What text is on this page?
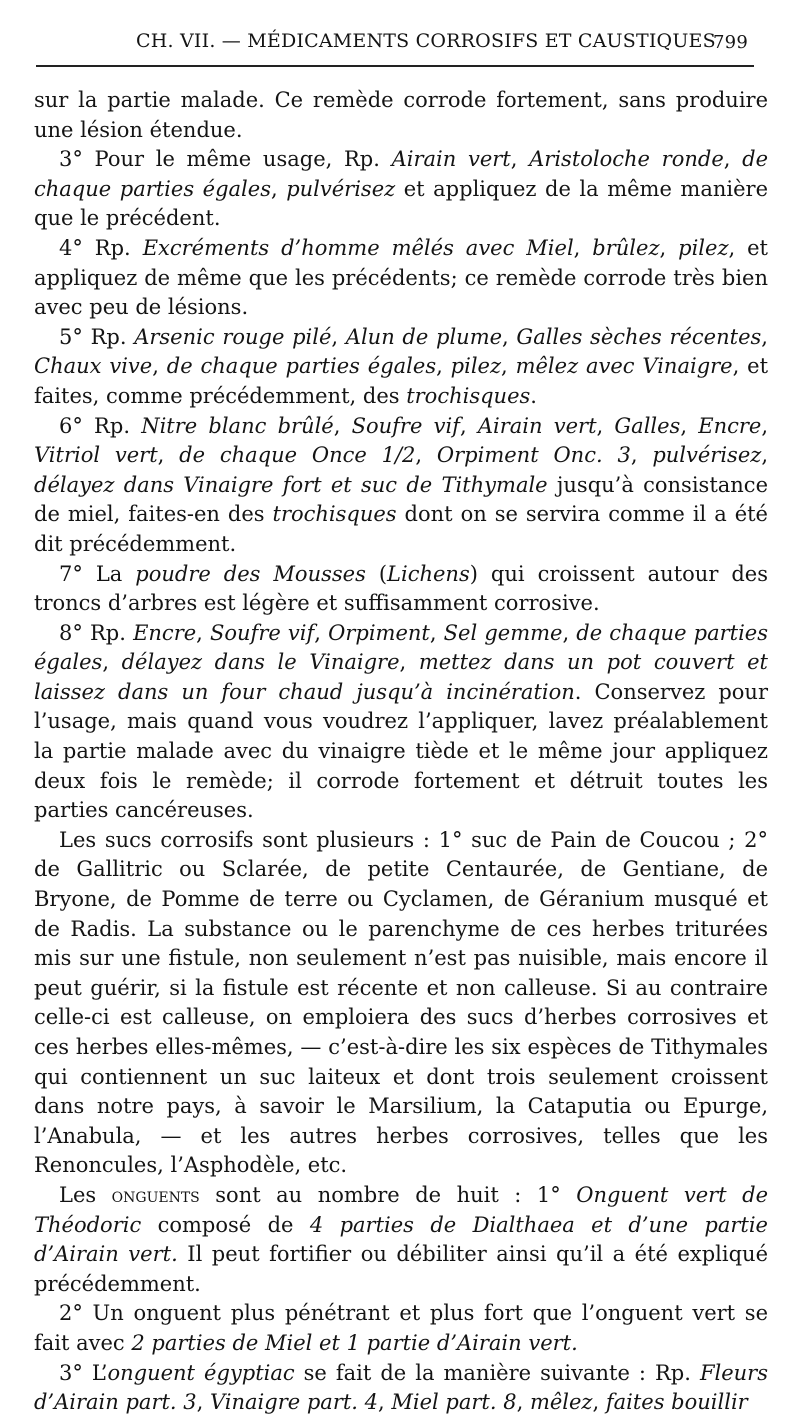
CH. VII. — MÉDICAMENTS CORROSIFS ET CAUSTIQUES
799

sur la partie malade. Ce remède corrode fortement, sans produire une lésion étendue.

3° Pour le même usage, Rp. Airain vert, Aristoloche ronde, de chaque parties égales, pulvérisez et appliquez de la même manière que le précédent.

4° Rp. Excréments d’homme mêlés avec Miel, brûlez, pilez, et appliquez de même que les précédents; ce remède corrode très bien avec peu de lésions.

5° Rp. Arsenic rouge pilé, Alun de plume, Galles sèches récentes, Chaux vive, de chaque parties égales, pilez, mêlez avec Vinaigre, et faites, comme précédemment, des trochisques.

6° Rp. Nitre blanc brûlé, Soufre vif, Airain vert, Galles, Encre, Vitriol vert, de chaque Once 1/2, Orpiment Onc. 3, pulvérisez, délayez dans Vinaigre fort et suc de Tithymale jusqu’à consistance de miel, faites-en des trochisques dont on se servira comme il a été dit précédemment.

7° La poudre des Mousses (Lichens) qui croissent autour des troncs d’arbres est légère et suffisamment corrosive.

8° Rp. Encre, Soufre vif, Orpiment, Sel gemme, de chaque parties égales, délayez dans le Vinaigre, mettez dans un pot couvert et laissez dans un four chaud jusqu’à incinération. Conservez pour l’usage, mais quand vous voudrez l’appliquer, lavez préalablement la partie malade avec du vinaigre tiède et le même jour appliquez deux fois le remède; il corrode fortement et détruit toutes les parties cancéreuses.

Les sucs corrosifs sont plusieurs : 1° suc de Pain de Coucou ; 2° de Gallitric ou Sclarée, de petite Centaurée, de Gentiane, de Bryone, de Pomme de terre ou Cyclamen, de Géranium musqué et de Radis. La substance ou le parenchyme de ces herbes triturées mis sur une fistule, non seulement n’est pas nuisible, mais encore il peut guérir, si la fistule est récente et non calleuse. Si au contraire celle-ci est calleuse, on emploiera des sucs d’herbes corrosives et ces herbes elles-mêmes, — c’est-à-dire les six espèces de Tithymales qui contiennent un suc laiteux et dont trois seulement croissent dans notre pays, à savoir le Marsilium, la Cataputia ou Epurge, l’Anabula, — et les autres herbes corrosives, telles que les Renoncules, l’Asphodèle, etc.

Les onguents sont au nombre de huit : 1° Onguent vert de Théodoric composé de 4 parties de Dialthaea et d’une partie d’Airain vert. Il peut fortifier ou débiliter ainsi qu’il a été expliqué précédemment.

2° Un onguent plus pénétrant et plus fort que l’onguent vert se fait avec 2 parties de Miel et 1 partie d’Airain vert.

3° L’onguent égyptiac se fait de la manière suivante : Rp. Fleurs d’Airain part. 3, Vinaigre part. 4, Miel part. 8, mêlez, faites bouillir
